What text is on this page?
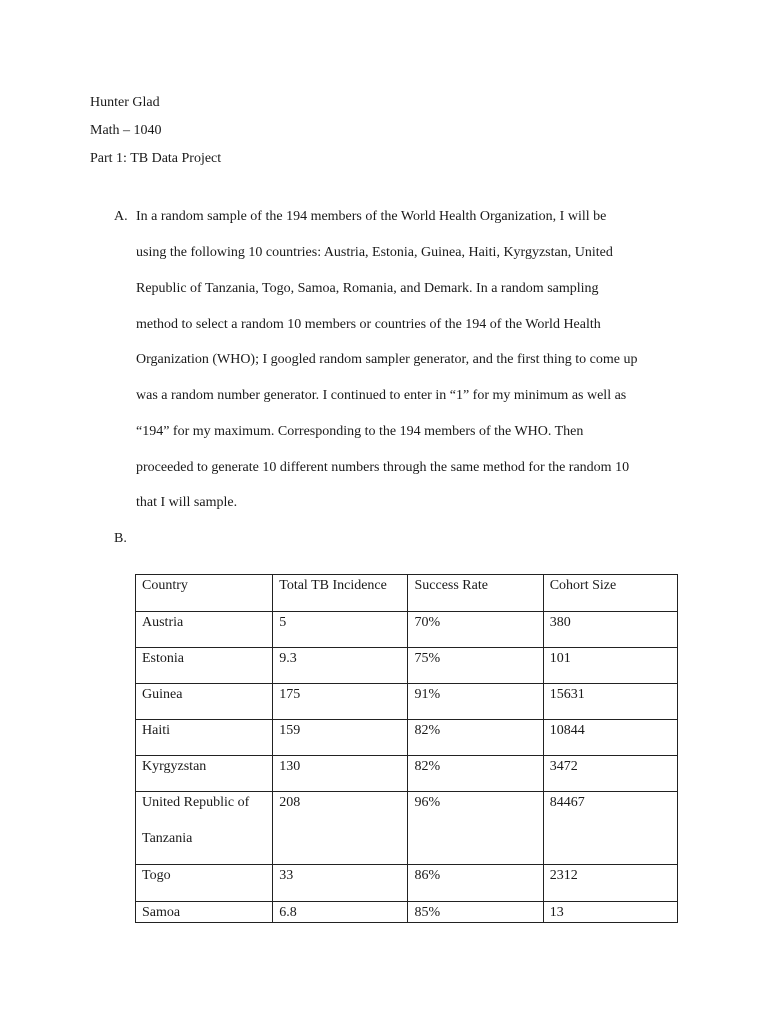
Hunter Glad
Math – 1040
Part 1: TB Data Project
A. In a random sample of the 194 members of the World Health Organization, I will be
using the following 10 countries: Austria, Estonia, Guinea, Haiti, Kyrgyzstan, United
Republic of Tanzania, Togo, Samoa, Romania, and Demark. In a random sampling
method to select a random 10 members or countries of the 194 of the World Health
Organization (WHO); I googled random sampler generator, and the first thing to come up
was a random number generator. I continued to enter in “1” for my minimum as well as
“194” for my maximum. Corresponding to the 194 members of the WHO. Then
proceeded to generate 10 different numbers through the same method for the random 10
that I will sample.
B.
Country	Total TB Incidence	Success Rate	Cohort Size
Austria	5	70%	380
Estonia	9.3	75%	101
Guinea	175	91%	15631
Haiti	159	82%	10844
Kyrgyzstan	130	82%	3472

United Republic of
Tanzania	208	96%	84467
Togo	33	86%	2312
Samoa	6.8	85%	13
